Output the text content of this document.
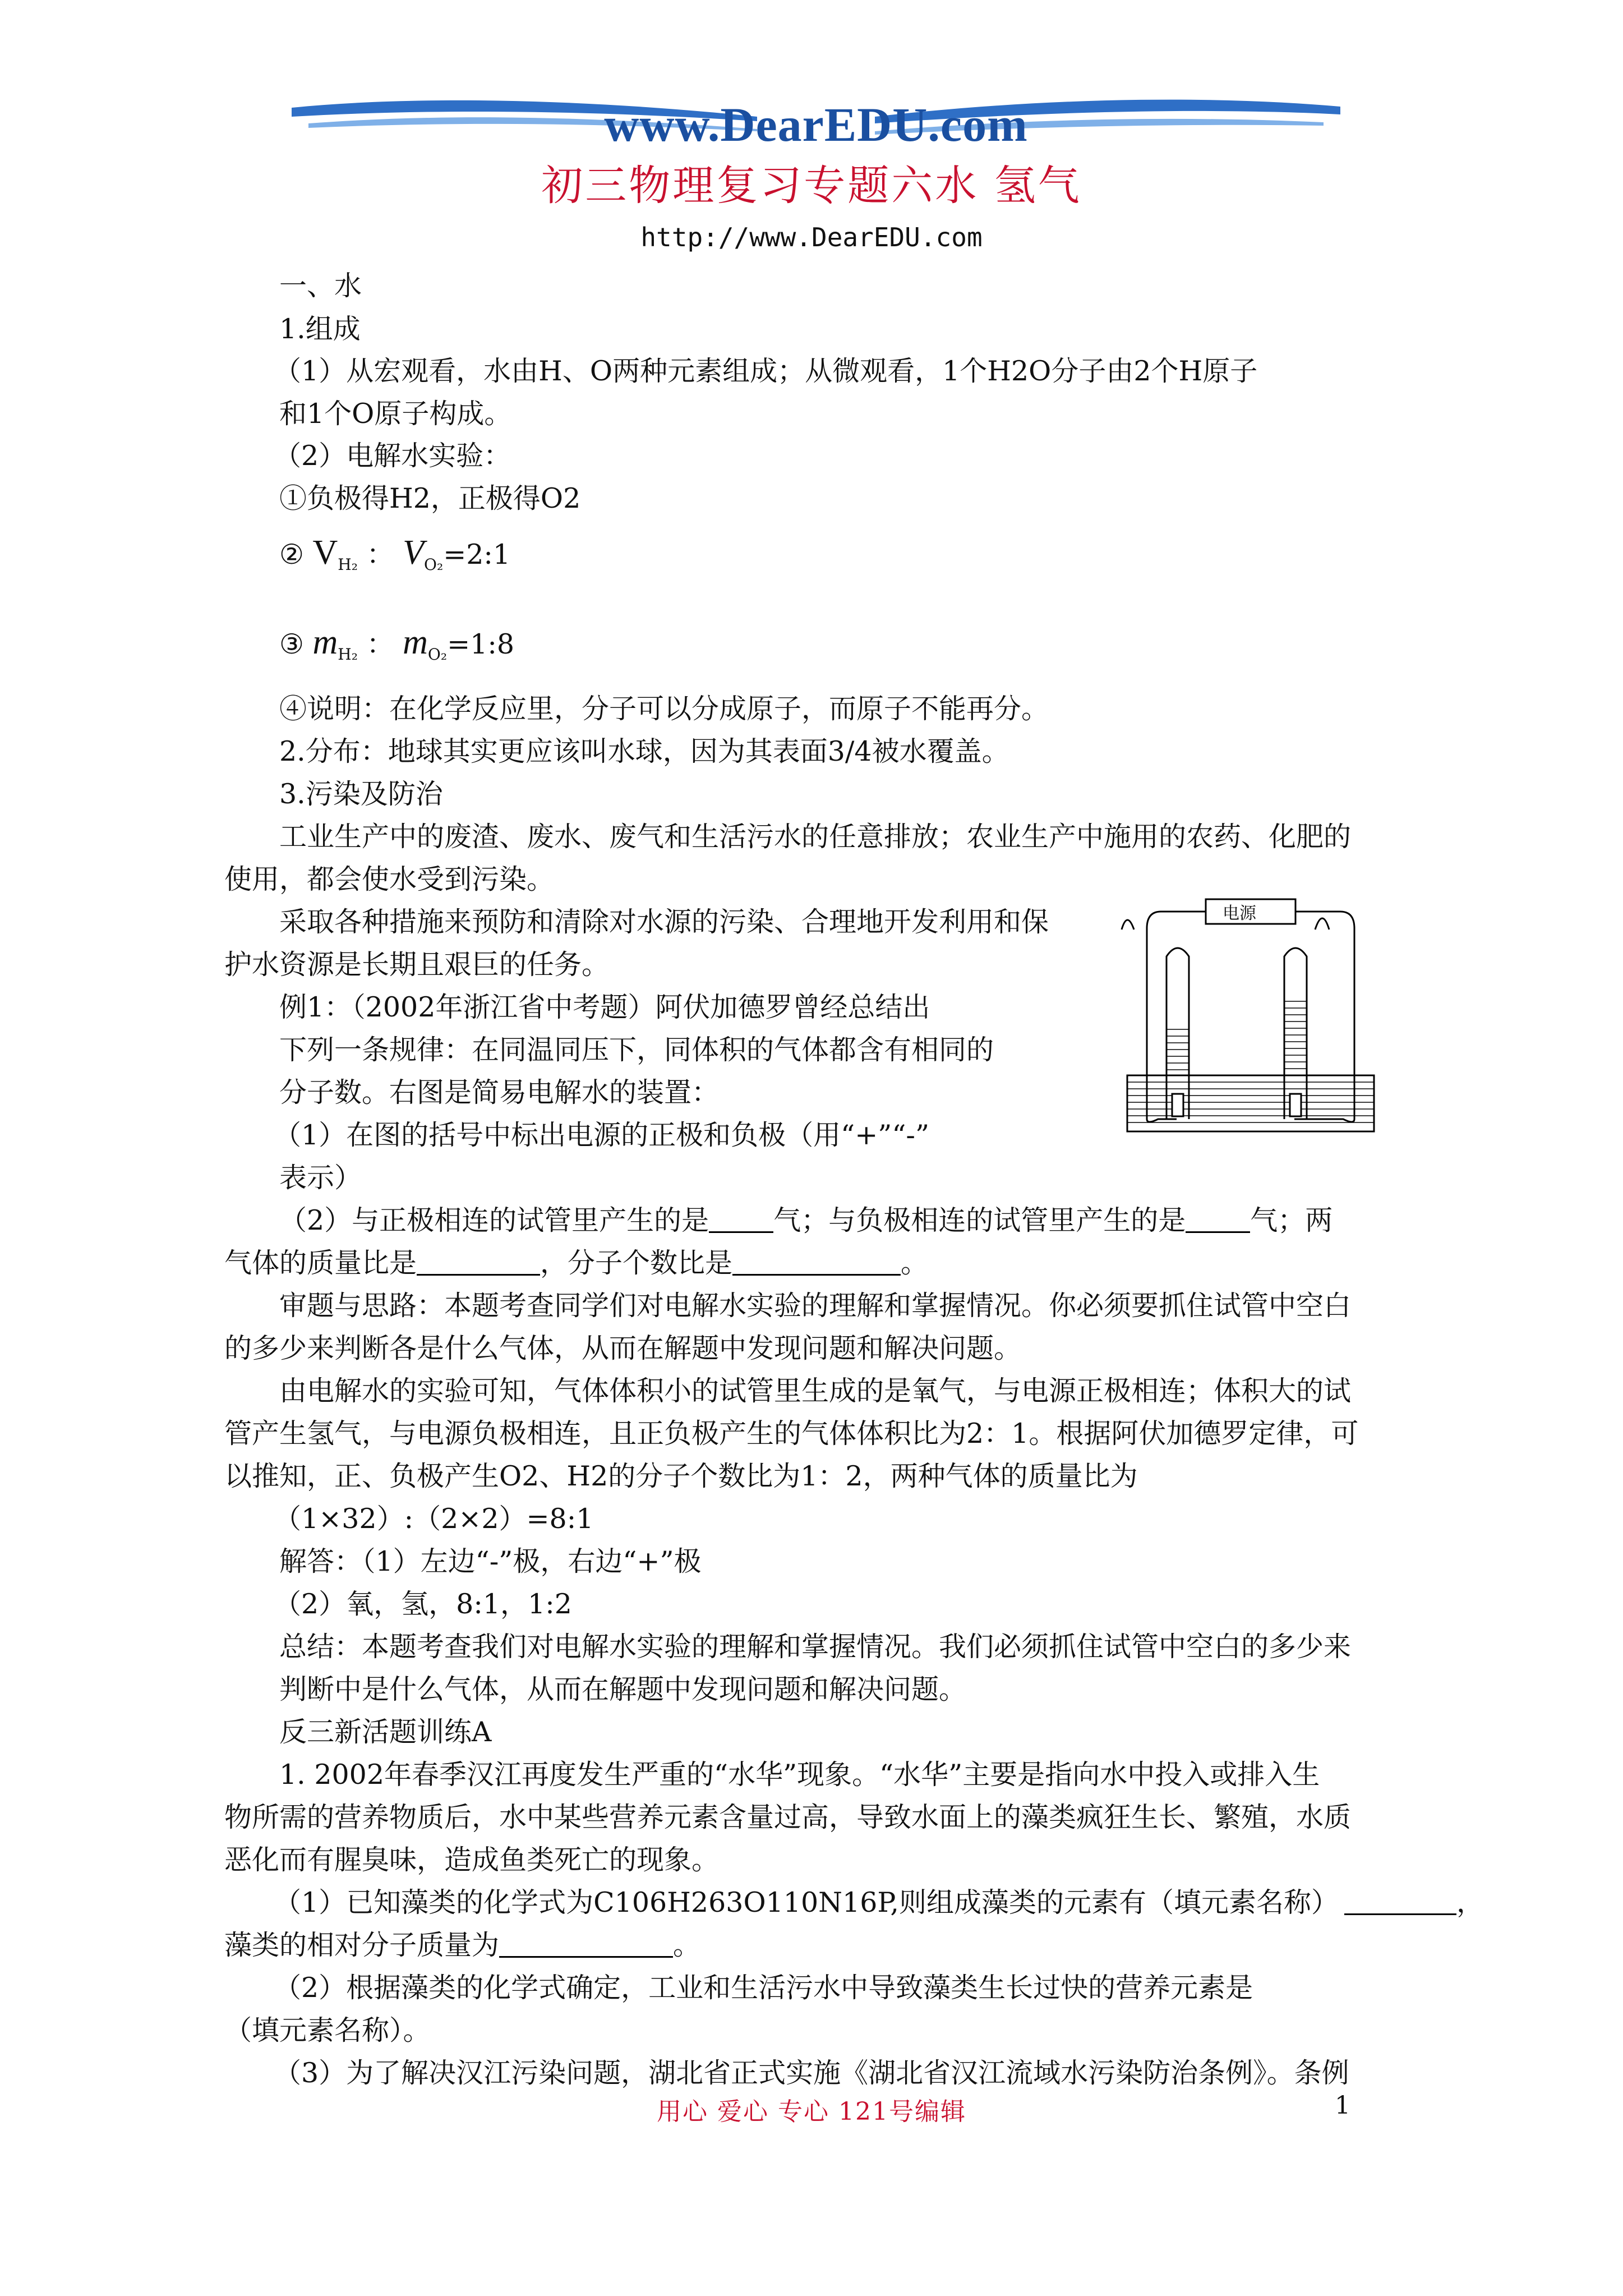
www.DearEDU.com
初三物理复习专题六水 氢气
http://www.DearEDU.com
一、水
1.组成
（1）从宏观看，水由H、O两种元素组成；从微观看，1个H2O分子由2个H原子
和1个O原子构成。
（2）电解水实验：
①负极得H2，正极得O2
② $V_{H_2}$ ： $V_{O_2}=2:1$
③ $m_{H_2}$ ： $m_{O_2}=1:8$
④说明：在化学反应里，分子可以分成原子，而原子不能再分。
2.分布：地球其实更应该叫水球，因为其表面3/4被水覆盖。
3.污染及防治
工业生产中的废渣、废水、废气和生活污水的任意排放；农业生产中施用的农药、化肥的
使用，都会使水受到污染。
采取各种措施来预防和清除对水源的污染、合理地开发利用和保
护水资源是长期且艰巨的任务。
例1：（2002年浙江省中考题）阿伏加德罗曾经总结出
下列一条规律：在同温同压下，同体积的气体都含有相同的
分子数。右图是简易电解水的装置：
（1）在图的括号中标出电源的正极和负极（用“+”“-”
表示）
电源
（2）与正极相连的试管里产生的是 气；与负极相连的试管里产生的是 气；两
气体的质量比是	，分子个数比是	。
审题与思路：本题考查同学们对电解水实验的理解和掌握情况。你必须要抓住试管中空白
的多少来判断各是什么气体，从而在解题中发现问题和解决问题。
由电解水的实验可知，气体体积小的试管里生成的是氧气，与电源正极相连；体积大的试
管产生氢气，与电源负极相连，且正负极产生的气体体积比为2：1。根据阿伏加德罗定律，可
以推知，正、负极产生O2、H2的分子个数比为1：2，两种气体的质量比为
（1×32）:（2×2）=8:1
解答：（1）左边“-”极，右边“+”极
（2）氧，氢，8:1，1:2
总结：本题考查我们对电解水实验的理解和掌握情况。我们必须抓住试管中空白的多少来
判断中是什么气体，从而在解题中发现问题和解决问题。
反三新活题训练A
1. 2002年春季汉江再度发生严重的“水华”现象。“水华”主要是指向水中投入或排入生
物所需的营养物质后，水中某些营养元素含量过高，导致水面上的藻类疯狂生长、繁殖，水质
恶化而有腥臭味，造成鱼类死亡的现象。
（1）已知藻类的化学式为C106H263O110N16P,则组成藻类的元素有（填元素名称）	，
藻类的相对分子质量为	。
（2）根据藻类的化学式确定，工业和生活污水中导致藻类生长过快的营养元素是
（填元素名称）。
（3）为了解决汉江污染问题，湖北省正式实施《湖北省汉江流域水污染防治条例》。条例
用心 爱心 专心 121号编辑	1
